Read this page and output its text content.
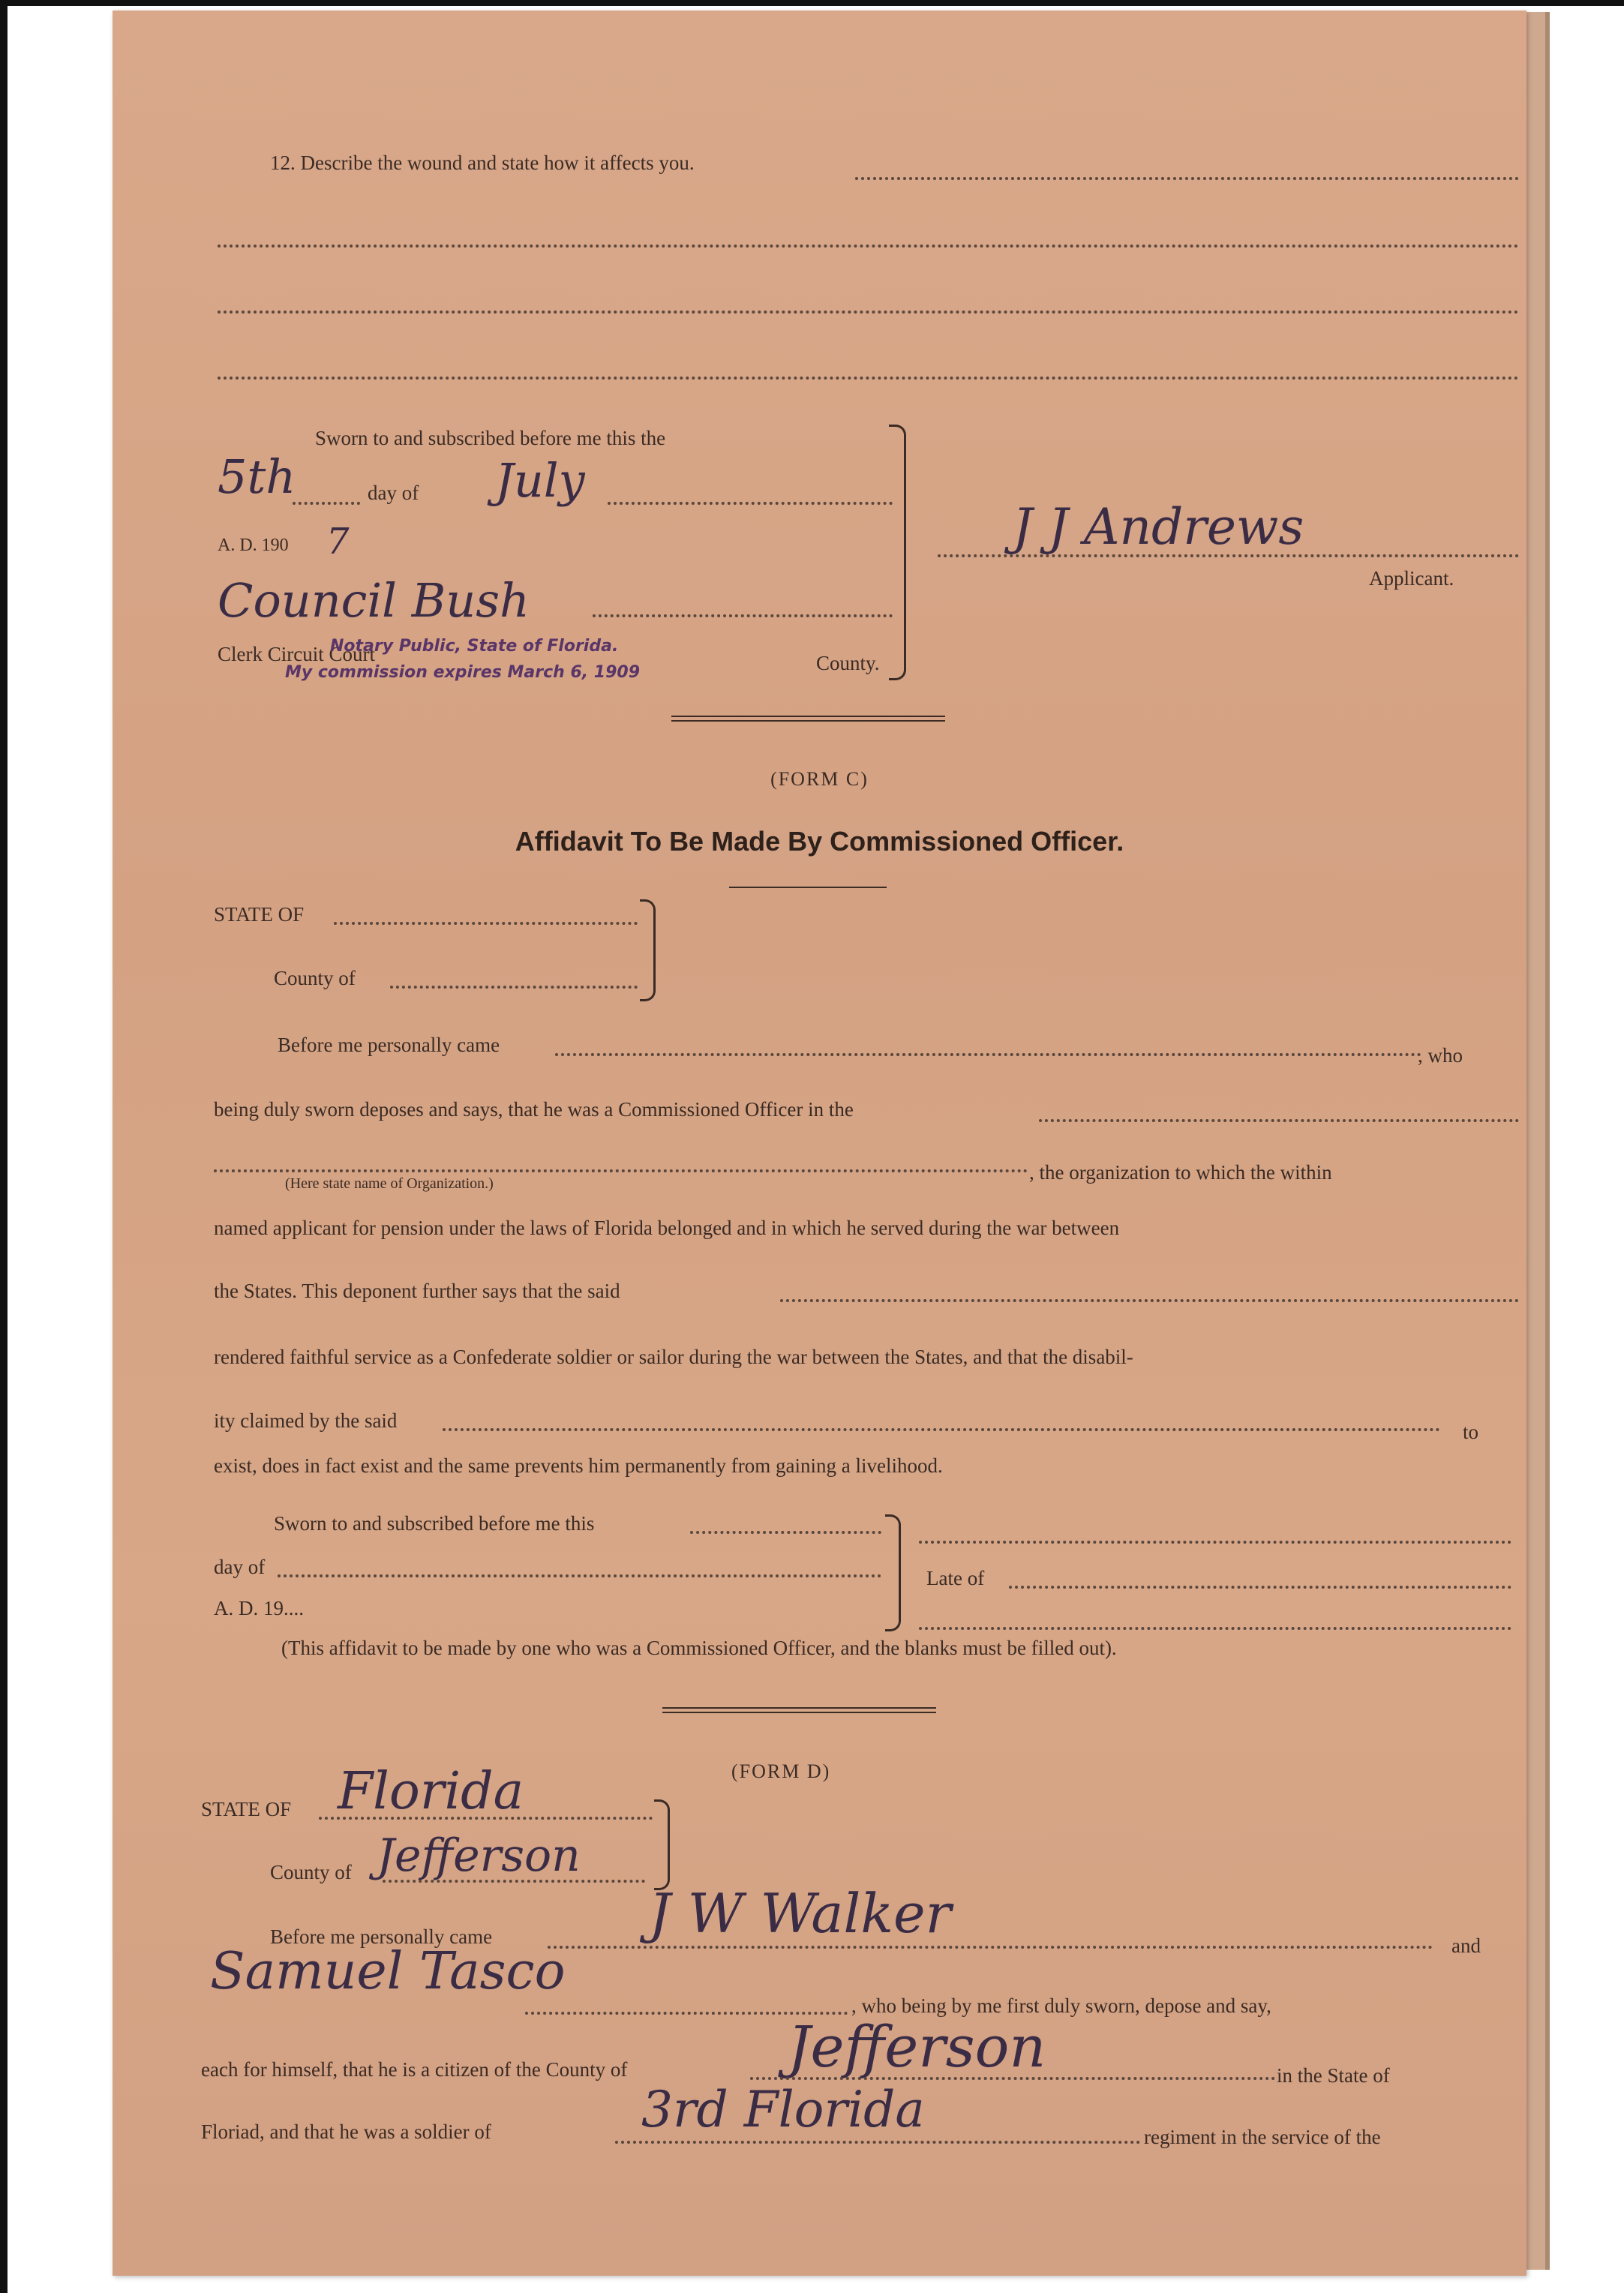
12. Describe the wound and state how it affects you.
Sworn to and subscribed before me this the
5th	day of July
A. D. 190 7
Council Bush
Clerk Circuit Court
Notary Public, State of Florida.
My commission expires March 6, 1909	County.
J J Andrews
Applicant.
(FORM C)
Affidavit To Be Made By Commissioned Officer.
STATE OF
County of
Before me personally came	, who
being duly sworn deposes and says, that he was a Commissioned Officer in the
(Here state name of Organization.)	, the organization to which the within
named applicant for pension under the laws of Florida belonged and in which he served during the war between
the States. This deponent further says that the said
rendered faithful service as a Confederate soldier or sailor during the war between the States, and that the disabil-
ity claimed by the said	to
exist, does in fact exist and the same prevents him permanently from gaining a livelihood.
Sworn to and subscribed before me this
day of
A. D. 19....
Late of
(This affidavit to be made by one who was a Commissioned Officer, and the blanks must be filled out).
(FORM D)
STATE OF Florida
County of Jefferson
Before me personally came	J W Walker
and
Samuel Tasco
, who being by me first duly sworn, depose and say,
each for himself, that he is a citizen of the County of	Jefferson	in the State of
Floriad, and that he was a soldier of	3rd Florida	regiment in the service of the
